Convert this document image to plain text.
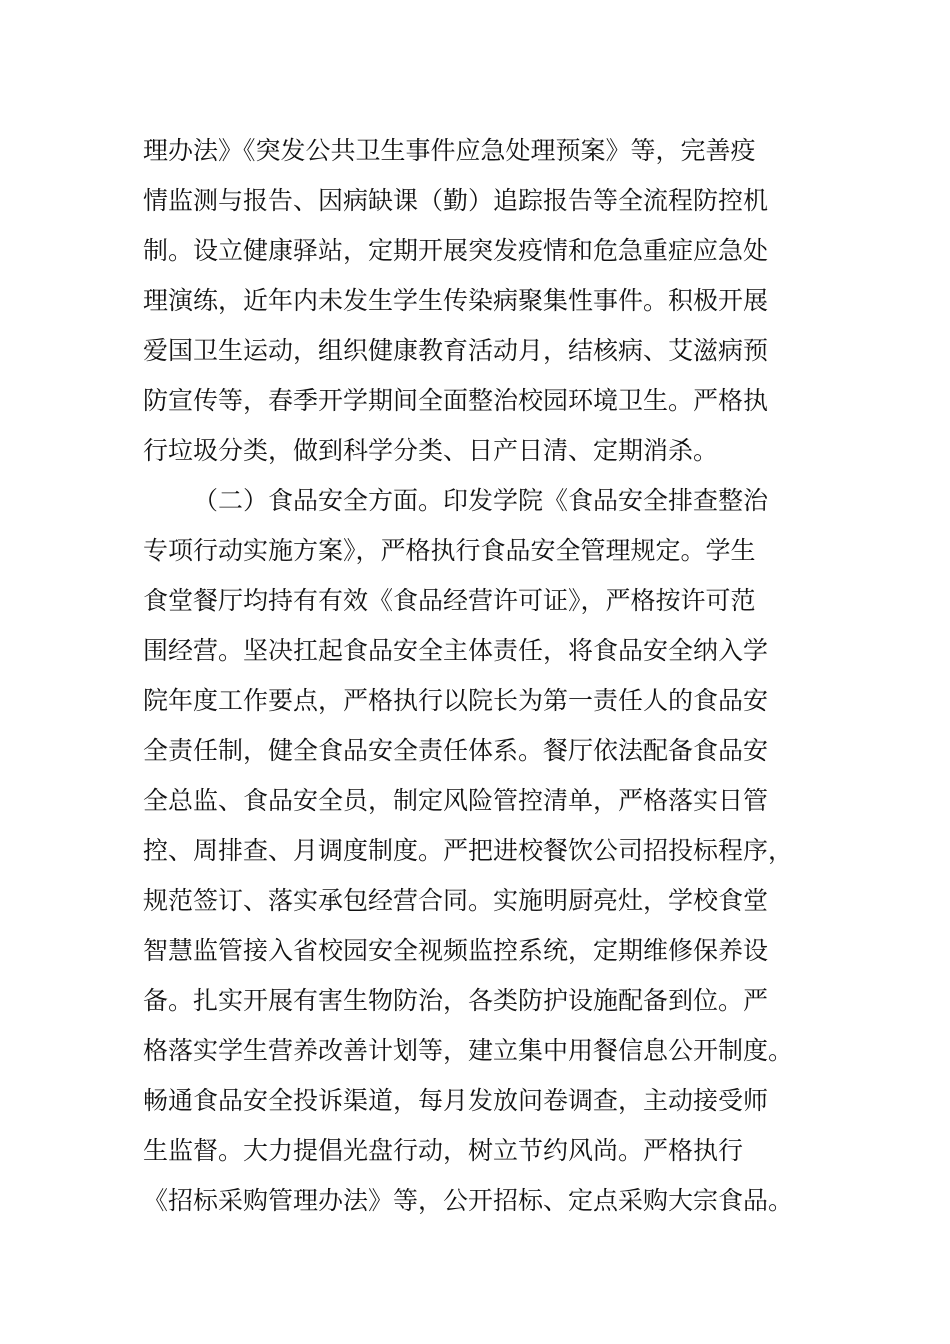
理办法》《突发公共卫生事件应急处理预案》等，完善疫
情监测与报告、因病缺课（勤）追踪报告等全流程防控机
制。设立健康驿站，定期开展突发疫情和危急重症应急处
理演练，近年内未发生学生传染病聚集性事件。积极开展
爱国卫生运动，组织健康教育活动月，结核病、艾滋病预
防宣传等，春季开学期间全面整治校园环境卫生。严格执
行垃圾分类，做到科学分类、日产日清、定期消杀。
（二）食品安全方面。印发学院《食品安全排查整治
专项行动实施方案》，严格执行食品安全管理规定。学生
食堂餐厅均持有有效《食品经营许可证》，严格按许可范
围经营。坚决扛起食品安全主体责任，将食品安全纳入学
院年度工作要点，严格执行以院长为第一责任人的食品安
全责任制，健全食品安全责任体系。餐厅依法配备食品安
全总监、食品安全员，制定风险管控清单，严格落实日管
控、周排查、月调度制度。严把进校餐饮公司招投标程序，
规范签订、落实承包经营合同。实施明厨亮灶，学校食堂
智慧监管接入省校园安全视频监控系统，定期维修保养设
备。扎实开展有害生物防治，各类防护设施配备到位。严
格落实学生营养改善计划等，建立集中用餐信息公开制度。
畅通食品安全投诉渠道，每月发放问卷调查，主动接受师
生监督。大力提倡光盘行动，树立节约风尚。严格执行
《招标采购管理办法》等，公开招标、定点采购大宗食品。
